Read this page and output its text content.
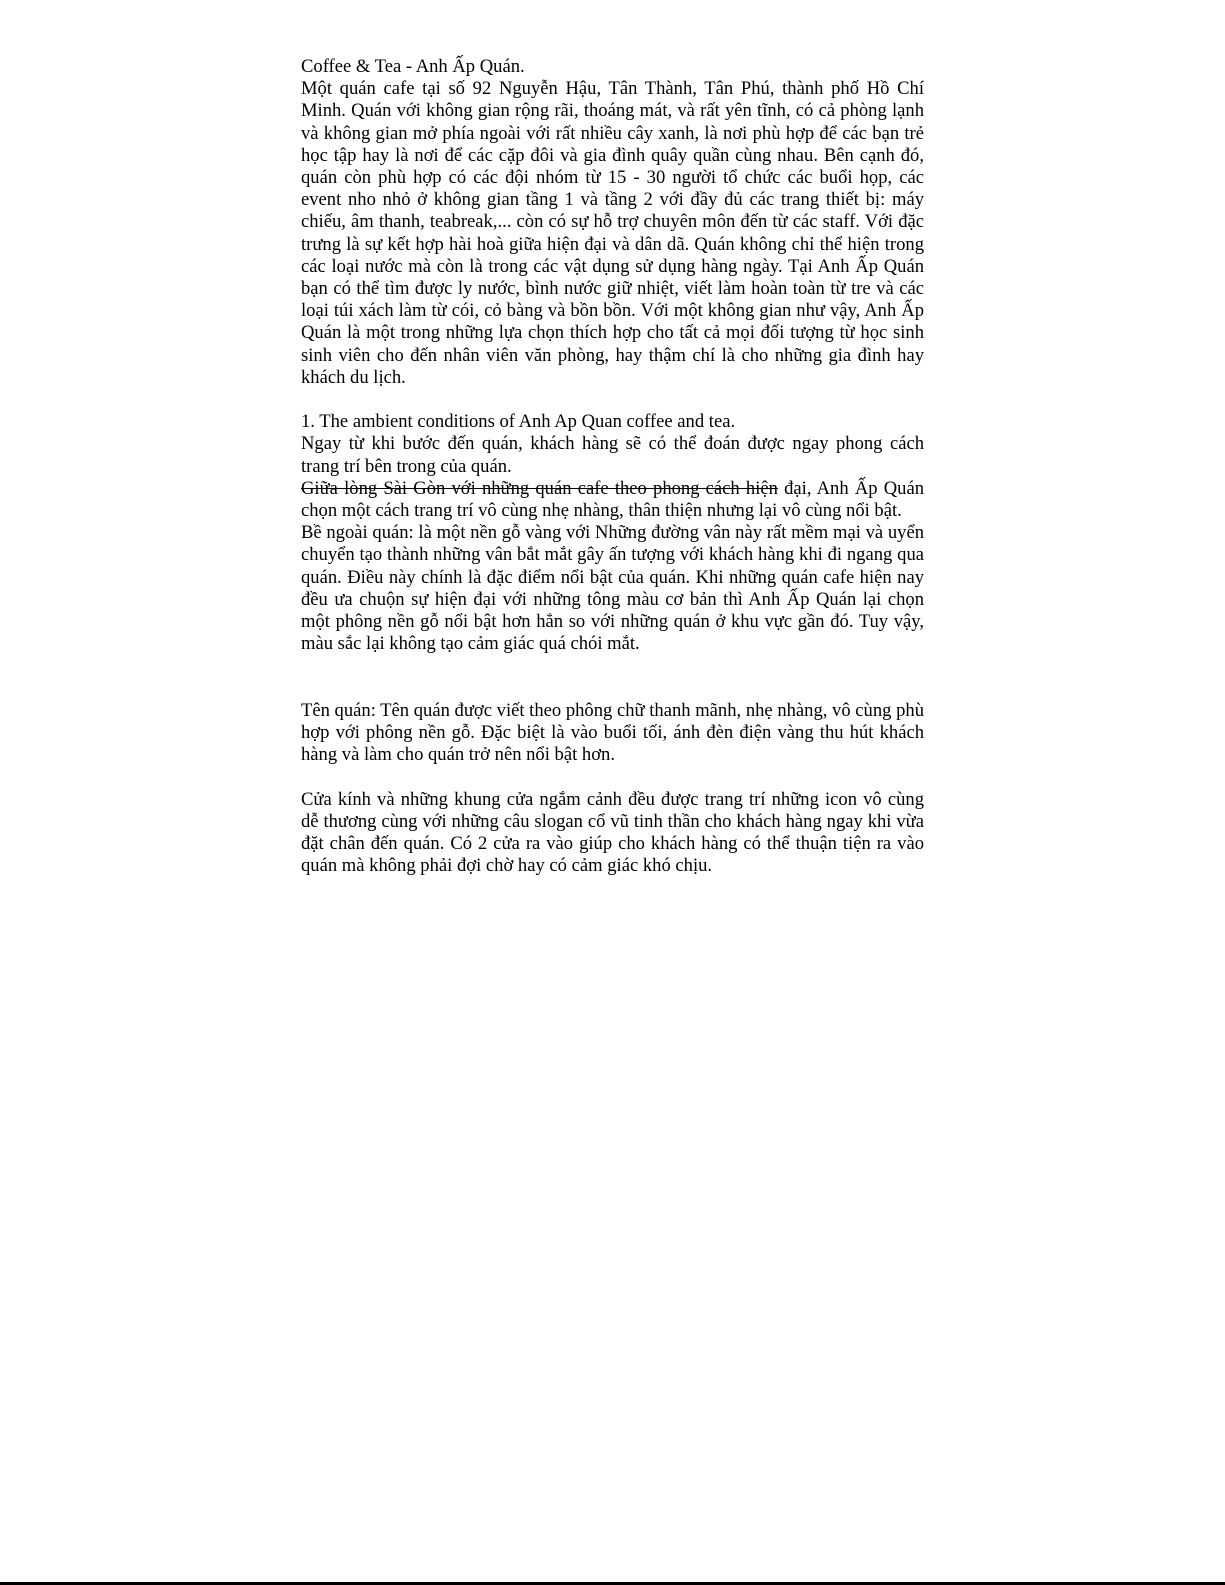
Coffee & Tea - Anh Ấp Quán.

Một quán cafe tại số 92 Nguyễn Hậu, Tân Thành, Tân Phú, thành phố Hồ Chí Minh. Quán với không gian rộng rãi, thoáng mát, và rất yên tĩnh, có cả phòng lạnh và không gian mở phía ngoài với rất nhiều cây xanh, là nơi phù hợp để các bạn trẻ học tập hay là nơi để các cặp đôi và gia đình quây quần cùng nhau. Bên cạnh đó, quán còn phù hợp có các đội nhóm từ 15 - 30 người tổ chức các buổi họp, các event nho nhỏ ở không gian tầng 1 và tầng 2 với đầy đủ các trang thiết bị: máy chiếu, âm thanh, teabreak,... còn có sự hỗ trợ chuyên môn đến từ các staff. Với đặc trưng là sự kết hợp hài hoà giữa hiện đại và dân dã. Quán không chỉ thể hiện trong các loại nước mà còn là trong các vật dụng sử dụng hàng ngày. Tại Anh Ấp Quán bạn có thể tìm được ly nước, bình nước giữ nhiệt, viết làm hoàn toàn từ tre và các loại túi xách làm từ cói, cỏ bàng và bồn bồn. Với một không gian như vậy, Anh Ấp Quán là một trong những lựa chọn thích hợp cho tất cả mọi đối tượng từ học sinh sinh viên cho đến nhân viên văn phòng, hay thậm chí là cho những gia đình hay khách du lịch.

1. The ambient conditions of Anh Ap Quan coffee and tea.

Ngay từ khi bước đến quán, khách hàng sẽ có thể đoán được ngay phong cách trang trí bên trong của quán.

Giữa lòng Sài Gòn với những quán cafe theo phong cách hiện đại, Anh Ấp Quán chọn một cách trang trí vô cùng nhẹ nhàng, thân thiện nhưng lại vô cùng nổi bật.

Bề ngoài quán: là một nền gỗ vàng với Những đường vân này rất mềm mại và uyển chuyển tạo thành những vân bắt mắt gây ấn tượng với khách hàng khi đi ngang qua quán. Điều này chính là đặc điểm nổi bật của quán. Khi những quán cafe hiện nay đều ưa chuộn sự hiện đại với những tông màu cơ bản thì Anh Ấp Quán lại chọn một phông nền gỗ nổi bật hơn hẳn so với những quán ở khu vực gần đó. Tuy vậy, màu sắc lại không tạo cảm giác quá chói mắt.

Tên quán: Tên quán được viết theo phông chữ thanh mãnh, nhẹ nhàng, vô cùng phù hợp với phông nền gỗ. Đặc biệt là vào buổi tối, ánh đèn điện vàng thu hút khách hàng và làm cho quán trở nên nổi bật hơn.

Cửa kính và những khung cửa ngắm cảnh đều được trang trí những icon vô cùng dễ thương cùng với những câu slogan cổ vũ tinh thần cho khách hàng ngay khi vừa đặt chân đến quán. Có 2 cửa ra vào giúp cho khách hàng có thể thuận tiện ra vào quán mà không phải đợi chờ hay có cảm giác khó chịu.
